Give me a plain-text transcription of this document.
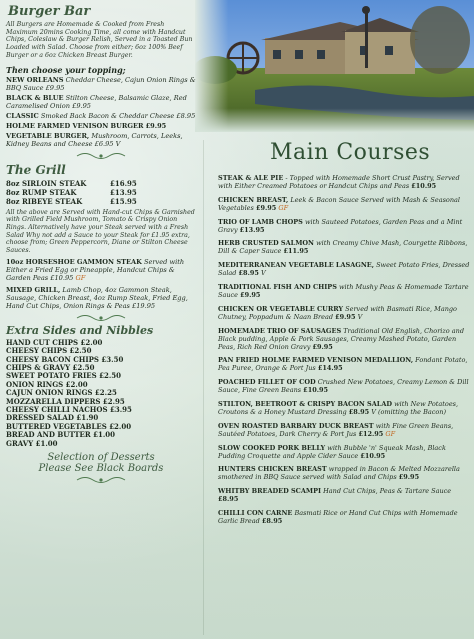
Burger Bar

All Burgers are Homemade & Cooked from Fresh Maximum 20mins Cooking Time, all come with Handcut Chips, Coleslaw & Burger Relish, Served in a Toasted Bun Loaded with Salad. Choose from either; 6oz 100% Beef Burger or a 6oz Chicken Breast Burger.

Then choose your topping;

NEW ORLEANS Cheddar Cheese, Cajun Onion Rings & BBQ Sauce £9.95

BLACK & BLUE Stilton Cheese, Balsamic Glaze, Red Caramelised Onion £9.95

CLASSIC Smoked Back Bacon & Cheddar Cheese £8.95

HOLME FARMED VENISON BURGER £9.95

VEGETABLE BURGER, Mushroom, Carrots, Leeks, Kidney Beans and Cheese £6.95 V

The Grill
8oz SIRLOIN STEAK	£16.95
8oz RUMP STEAK	£13.95
8oz RIBEYE STEAK	£15.95

All the above are Served with Hand-cut Chips & Garnished with Grilled Field Mushroom, Tomato & Crispy Onion Rings. Alternatively have your Steak served with a Fresh Salad Why not add a Sauce to your Steak for £1.95 extra, choose from; Green Peppercorn, Diane or Stilton Cheese Sauces.

10oz HORSESHOE GAMMON STEAK Served with Either a Fried Egg or Pineapple, Handcut Chips & Garden Peas £10.95 GF

MIXED GRILL, Lamb Chop, 4oz Gammon Steak, Sausage, Chicken Breast, 4oz Rump Steak, Fried Egg, Hand Cut Chips, Onion Rings & Peas £19.95

Extra Sides and Nibbles

HAND CUT CHIPS £2.00

CHEESY CHIPS £2.50

CHEESY BACON CHIPS £3.50

CHIPS & GRAVY £2.50

SWEET POTATO FRIES £2.50

ONION RINGS £2.00

CAJUN ONION RINGS £2.25

MOZZARELLA DIPPERS £2.95

CHEESY CHILLI NACHOS £3.95

DRESSED SALAD £1.90

BUTTERED VEGETABLES £2.00

BREAD AND BUTTER £1.00

GRAVY £1.00

Selection of Desserts
Please See Black Boards
Main Courses

STEAK & ALE PIE - Topped with Homemade Short Crust Pastry, Served with Either Creamed Potatoes or Handcut Chips and Peas £10.95

CHICKEN BREAST, Leek & Bacon Sauce Served with Mash & Seasonal Vegetables £9.95 GF

TRIO OF LAMB CHOPS with Sauteed Potatoes, Garden Peas and a Mint Gravy £13.95

HERB CRUSTED SALMON with Creamy Chive Mash, Courgette Ribbons, Dill & Caper Sauce £11.95

MEDITERRANEAN VEGETABLE LASAGNE, Sweet Potato Fries, Dressed Salad £8.95 V

TRADITIONAL FISH AND CHIPS with Mushy Peas & Homemade Tartare Sauce £9.95

CHICKEN OR VEGETABLE CURRY Served with Basmati Rice, Mango Chutney, Poppadum & Naan Bread £9.95 V

HOMEMADE TRIO OF SAUSAGES Traditional Old English, Chorizo and Black pudding, Apple & Pork Sausages, Creamy Mashed Potato, Garden Peas, Rich Red Onion Gravy £9.95

PAN FRIED HOLME FARMED VENISON MEDALLION, Fondant Potato, Pea Puree, Orange & Port Jus £14.95

POACHED FILLET OF COD Crushed New Potatoes, Creamy Lemon & Dill Sauce, Fine Green Beans £10.95

STILTON, BEETROOT & CRISPY BACON SALAD with New Potatoes, Croutons & a Honey Mustard Dressing £8.95 V (omitting the Bacon)

OVEN ROASTED BARBARY DUCK BREAST with Fine Green Beans, Sautéed Potatoes, Dark Cherry & Port Jus £12.95 GF

SLOW COOKED PORK BELLY with Bubble 'n' Squeak Mash, Black Pudding Croquette and Apple Cider Sauce £10.95

HUNTERS CHICKEN BREAST wrapped in Bacon & Melted Mozzarella smothered in BBQ Sauce served with Salad and Chips £9.95

WHITBY BREADED SCAMPI Hand Cut Chips, Peas & Tartare Sauce £8.95

CHILLI CON CARNE Basmati Rice or Hand Cut Chips with Homemade Garlic Bread £8.95
